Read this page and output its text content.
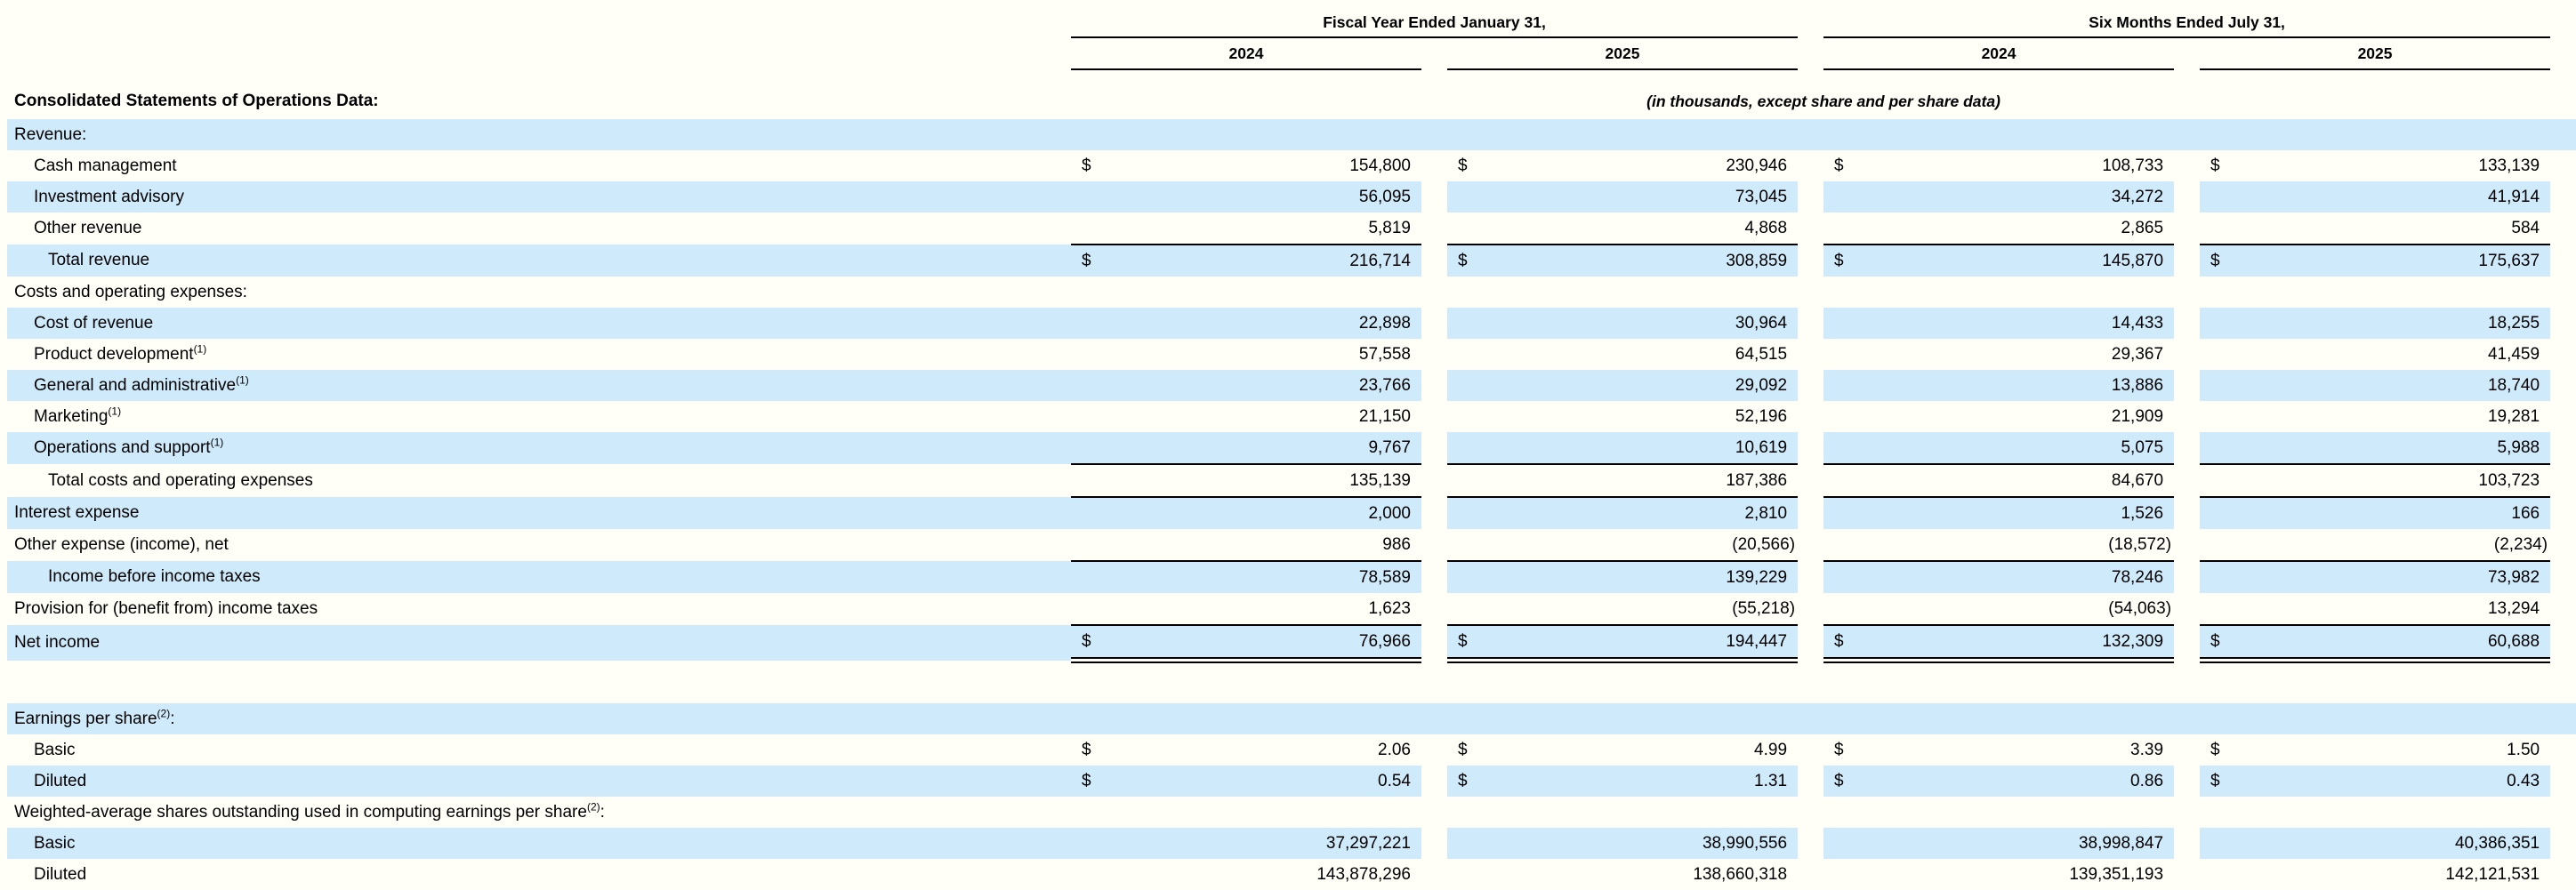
	Fiscal Year Ended January 31,						Six Months Ended July 31,					
	2024			2025			2024			2025		
Consolidated Statements of Operations Data:	(in thousands, except share and per share data)											
Revenue:												
Cash management	$	154,800		$	230,946		$	108,733		$	133,139	
Investment advisory		56,095			73,045			34,272			41,914	
Other revenue		5,819			4,868			2,865			584	
Total revenue	$	216,714		$	308,859		$	145,870		$	175,637	
Costs and operating expenses:												
Cost of revenue		22,898			30,964			14,433			18,255	
Product development$^{(1)}$		57,558			64,515			29,367			41,459	
General and administrative$^{(1)}$		23,766			29,092			13,886			18,740	
Marketing$^{(1)}$		21,150			52,196			21,909			19,281	
Operations and support$^{(1)}$		9,767			10,619			5,075			5,988	
Total costs and operating expenses		135,139			187,386			84,670			103,723	
Interest expense		2,000			2,810			1,526			166	
Other expense (income), net		986			(20,566)			(18,572)			(2,234)	
Income before income taxes		78,589			139,229			78,246			73,982	
Provision for (benefit from) income taxes		1,623			(55,218)			(54,063)			13,294	
Net income	$	76,966		$	194,447		$	132,309		$	60,688	

Earnings per share$^{(2)}$:												
Basic	$	2.06		$	4.99		$	3.39		$	1.50	
Diluted	$	0.54		$	1.31		$	0.86		$	0.43	
Weighted-average shares outstanding used in computing earnings per share$^{(2)}$:												
Basic		37,297,221			38,990,556			38,998,847			40,386,351	
Diluted		143,878,296			138,660,318			139,351,193			142,121,531	
